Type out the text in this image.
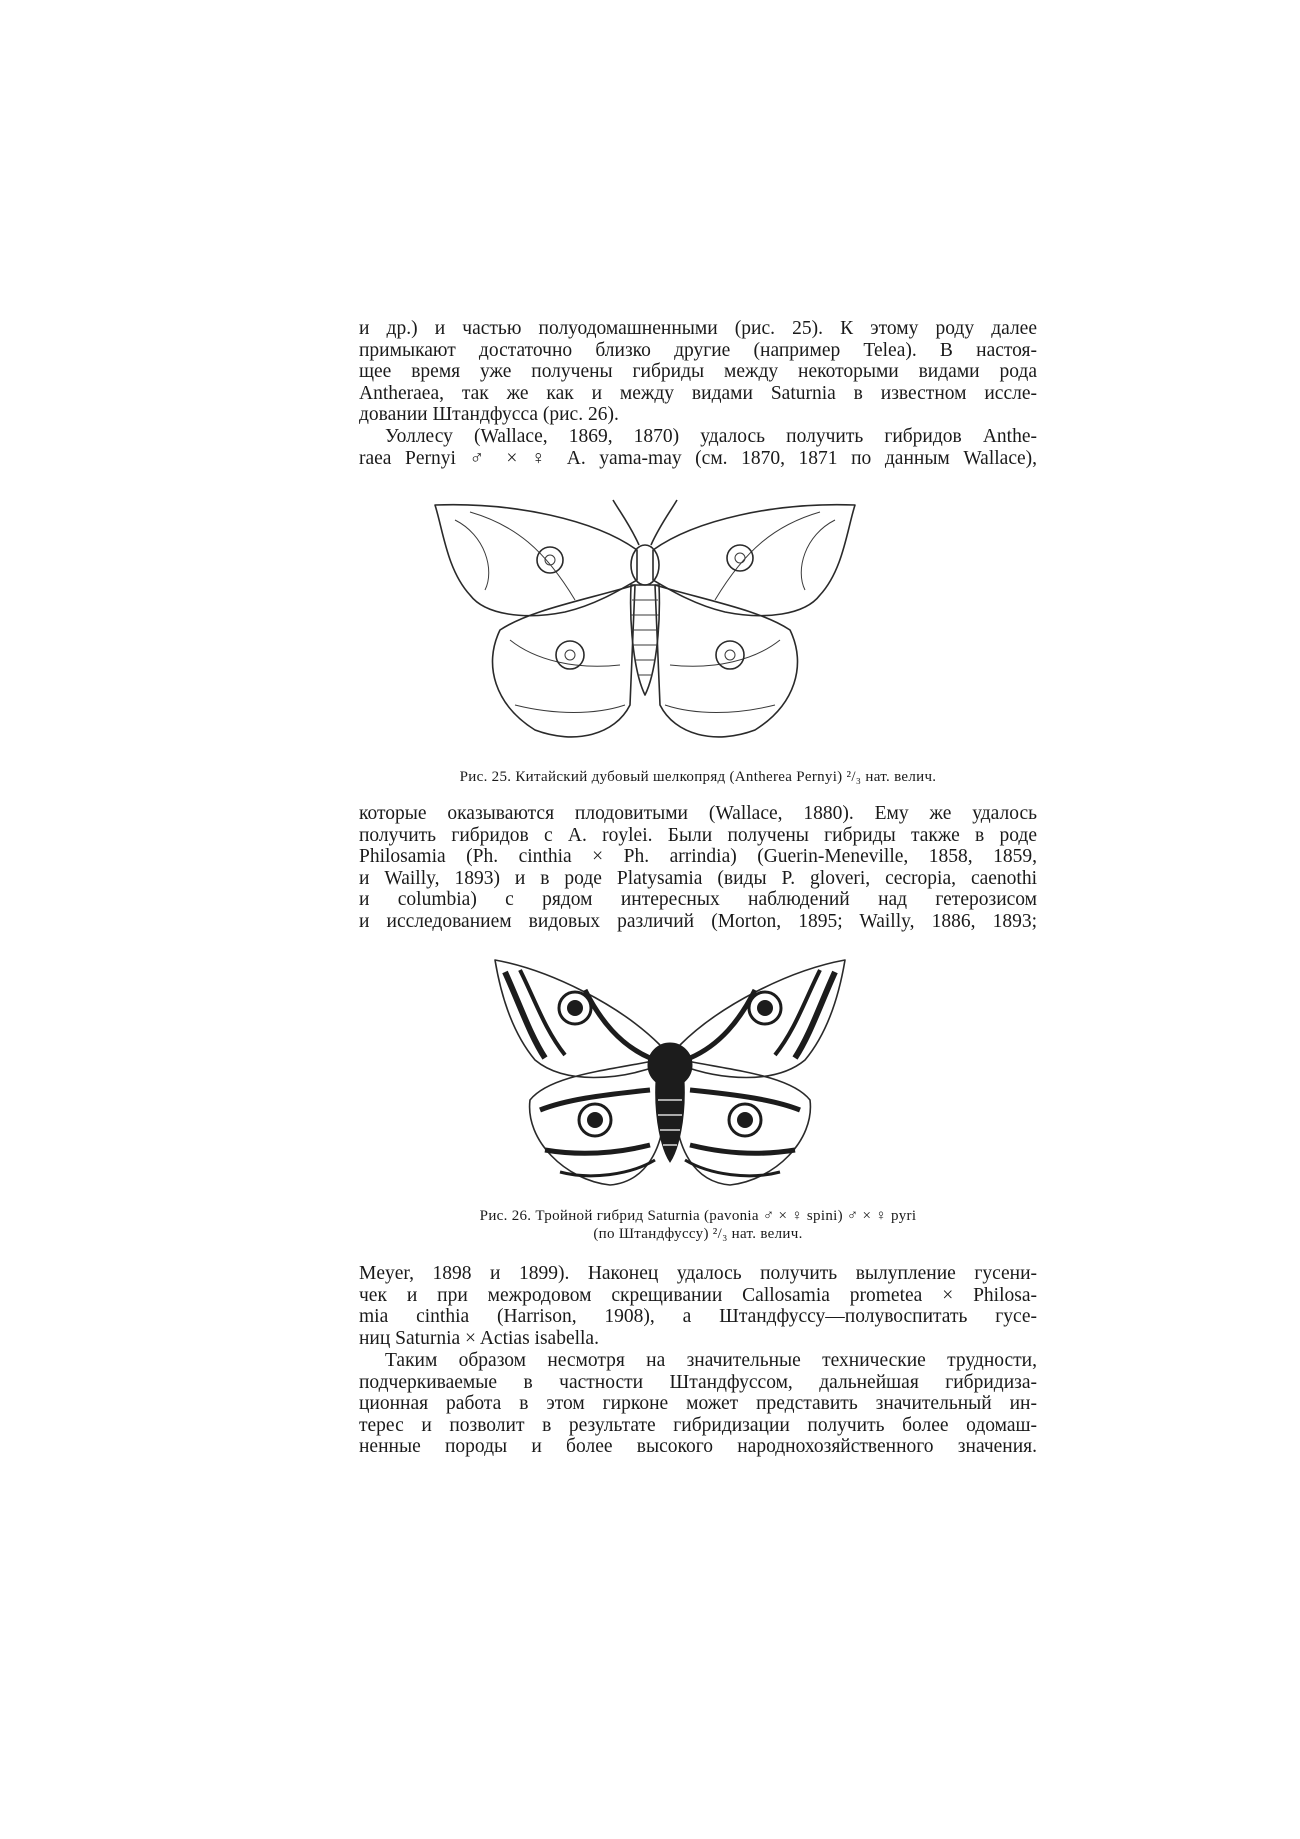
и др.) и частью полуодомашненными (рис. 25). К этому роду далее
примыкают достаточно близко другие (например Telea). В настоя-
щее время уже получены гибриды между некоторыми видами рода
Antheraea, так же как и между видами Saturnia в известном иссле-
довании Штандфусса (рис. 26).

Уоллесу (Wallace, 1869, 1870) удалось получить гибридов Anthe-
raea Pernyi ♂ × ♀ A. yama-may (см. 1870, 1871 по данным Wallace),

Рис. 25. Китайский дубовый шелкопряд (Antherea Pernyi) ²/₃ нат. велич.

которые оказываются плодовитыми (Wallace, 1880). Ему же удалось
получить гибридов с A. roylei. Были получены гибриды также в роде
Philosamia (Ph. cinthia × Ph. arrindia) (Guerin-Meneville, 1858, 1859,
и Wailly, 1893) и в роде Platysamia (виды P. gloveri, cecropia, caenothi
и columbia) с рядом интересных наблюдений над гетерозисом
и исследованием видовых различий (Morton, 1895; Wailly, 1886, 1893;

Рис. 26. Тройной гибрид Saturnia (pavonia ♂ × ♀ spini) ♂ × ♀ pyri
(по Штандфуссу) ²/₃ нат. велич.

Meyer, 1898 и 1899). Наконец удалось получить вылупление гусени-
чек и при межродовом скрещивании Callosamia prometea × Philosa-
mia cinthia (Harrison, 1908), а Штандфуссу—полувоспитать гусе-
ниц Saturnia × Actias isabella.

Таким образом несмотря на значительные технические трудности,
подчеркиваемые в частности Штандфуссом, дальнейшая гибридиза-
ционная работа в этом гирконе может представить значительный ин-
терес и позволит в результате гибридизации получить более одомаш-
ненные породы и более высокого народнохозяйственного значения.
